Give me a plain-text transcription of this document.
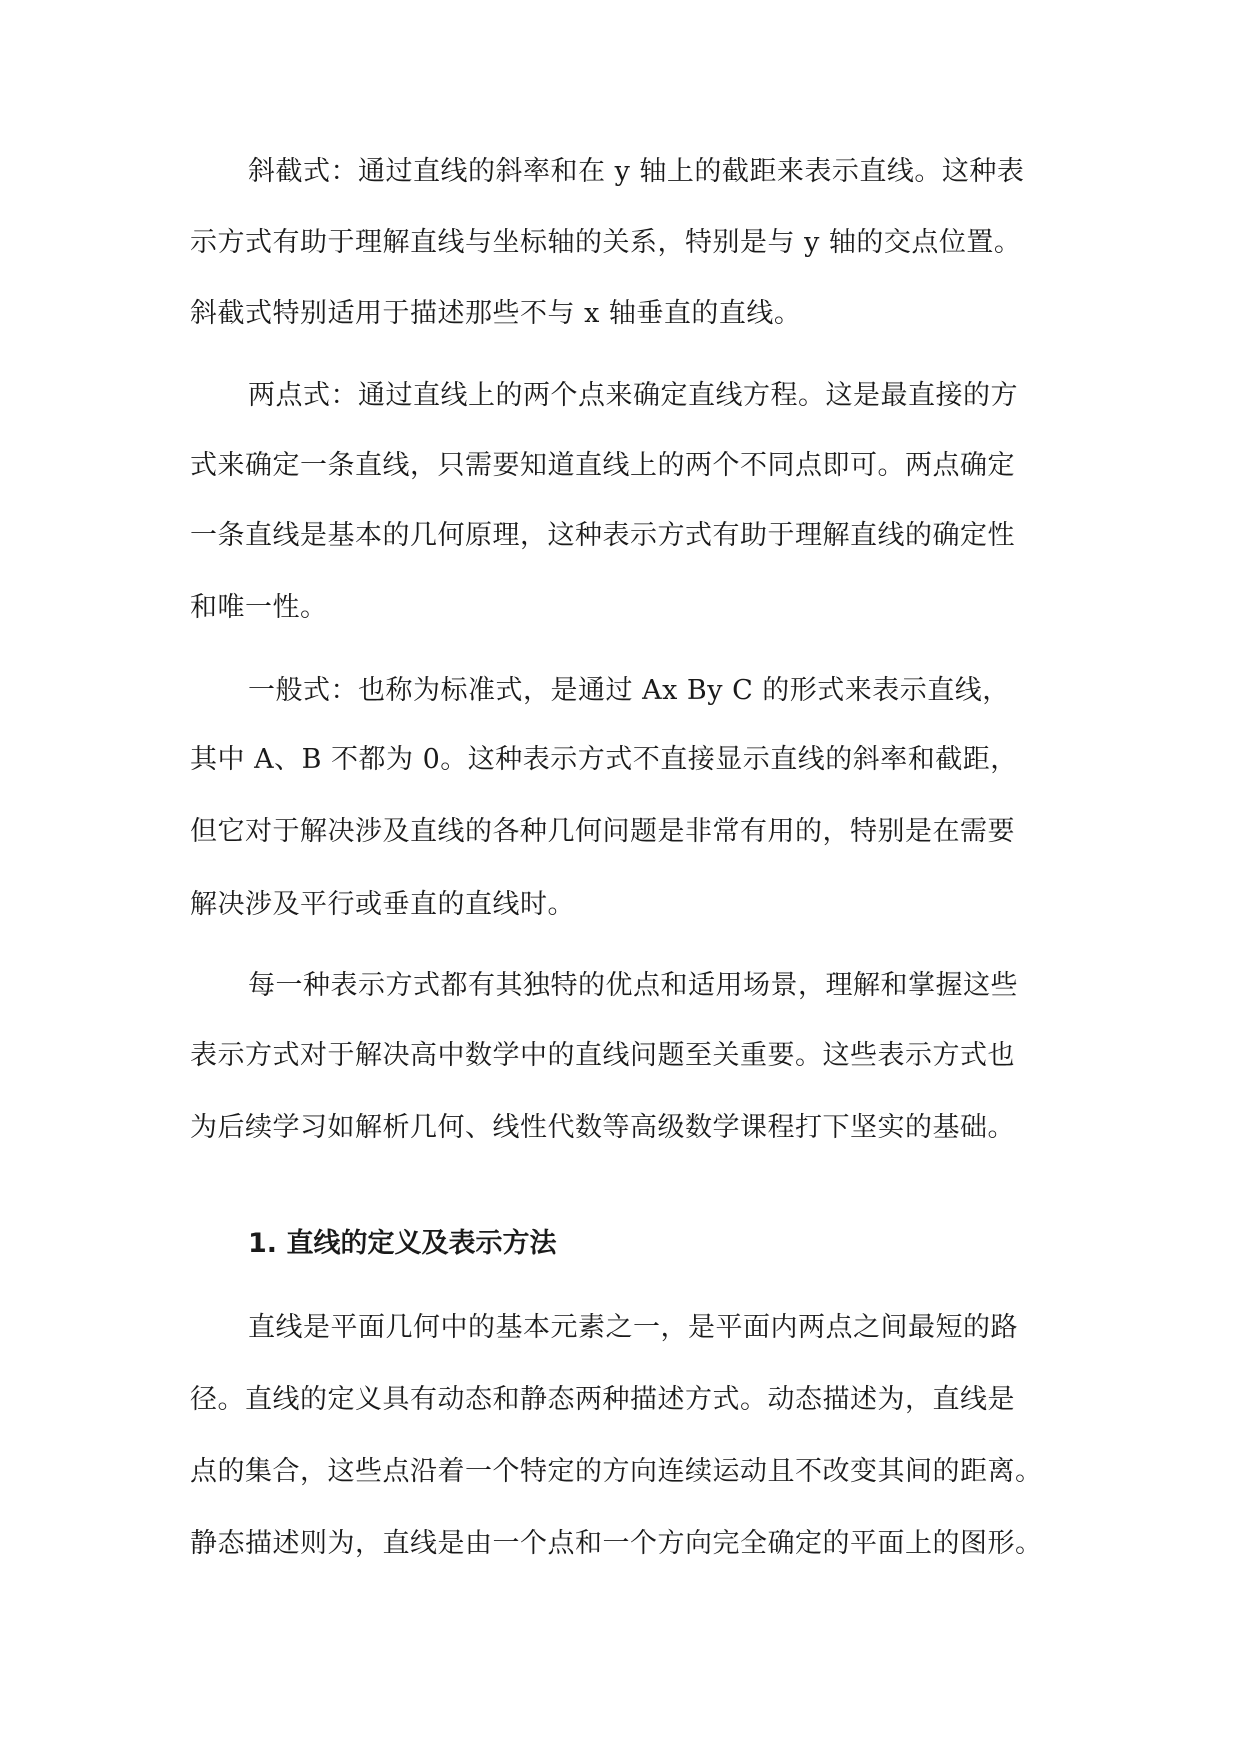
斜截式：通过直线的斜率和在 y 轴上的截距来表示直线。这种表
示方式有助于理解直线与坐标轴的关系，特别是与 y 轴的交点位置。
斜截式特别适用于描述那些不与 x 轴垂直的直线。
两点式：通过直线上的两个点来确定直线方程。这是最直接的方
式来确定一条直线，只需要知道直线上的两个不同点即可。两点确定
一条直线是基本的几何原理，这种表示方式有助于理解直线的确定性
和唯一性。
一般式：也称为标准式，是通过 Ax By C 的形式来表示直线，
其中 A、B 不都为 0。这种表示方式不直接显示直线的斜率和截距，
但它对于解决涉及直线的各种几何问题是非常有用的，特别是在需要
解决涉及平行或垂直的直线时。
每一种表示方式都有其独特的优点和适用场景，理解和掌握这些
表示方式对于解决高中数学中的直线问题至关重要。这些表示方式也
为后续学习如解析几何、线性代数等高级数学课程打下坚实的基础。
1. 直线的定义及表示方法
直线是平面几何中的基本元素之一，是平面内两点之间最短的路
径。直线的定义具有动态和静态两种描述方式。动态描述为，直线是
点的集合，这些点沿着一个特定的方向连续运动且不改变其间的距离。
静态描述则为，直线是由一个点和一个方向完全确定的平面上的图形。
